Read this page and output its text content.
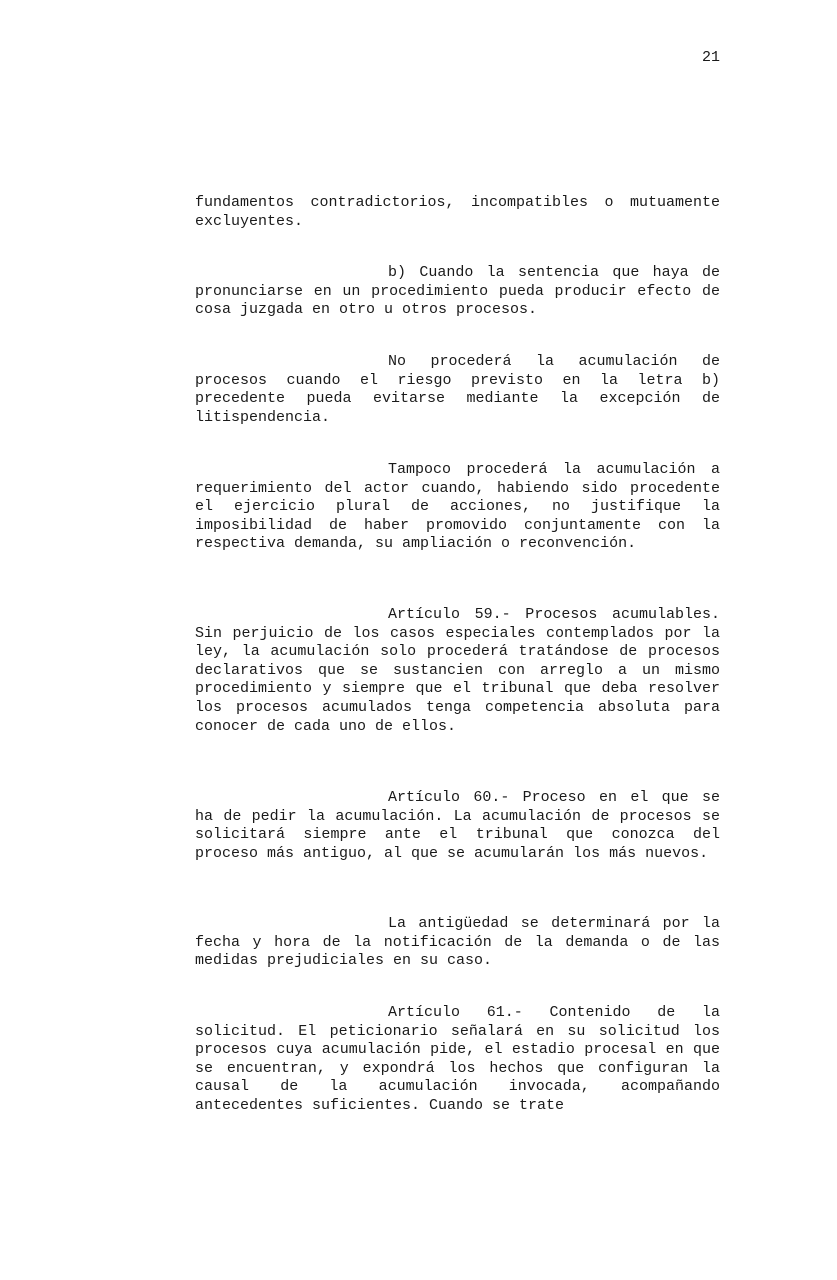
21

fundamentos contradictorios, incompatibles o mutuamente excluyentes.

b) Cuando la sentencia que haya de pronunciarse en un procedimiento pueda producir efecto de cosa juzgada en otro u otros procesos.

No procederá la acumulación de procesos cuando el riesgo previsto en la letra b) precedente pueda evitarse mediante la excepción de litispendencia.

Tampoco procederá la acumulación a requerimiento del actor cuando, habiendo sido procedente el ejercicio plural de acciones, no justifique la imposibilidad de haber promovido conjuntamente con la respectiva demanda, su ampliación o reconvención.

Artículo 59.- Procesos acumulables. Sin perjuicio de los casos especiales contemplados por la ley, la acumulación solo procederá tratándose de procesos declarativos que se sustancien con arreglo a un mismo procedimiento y siempre que el tribunal que deba resolver los procesos acumulados tenga competencia absoluta para conocer de cada uno de ellos.

Artículo 60.- Proceso en el que se ha de pedir la acumulación. La acumulación de procesos se solicitará siempre ante el tribunal que conozca del proceso más antiguo, al que se acumularán los más nuevos.

La antigüedad se determinará por la fecha y hora de la notificación de la demanda o de las medidas prejudiciales en su caso.

Artículo 61.- Contenido de la solicitud. El peticionario señalará en su solicitud los procesos cuya acumulación pide, el estadio procesal en que se encuentran, y expondrá los hechos que configuran la causal de la acumulación invocada, acompañando antecedentes suficientes. Cuando se trate
